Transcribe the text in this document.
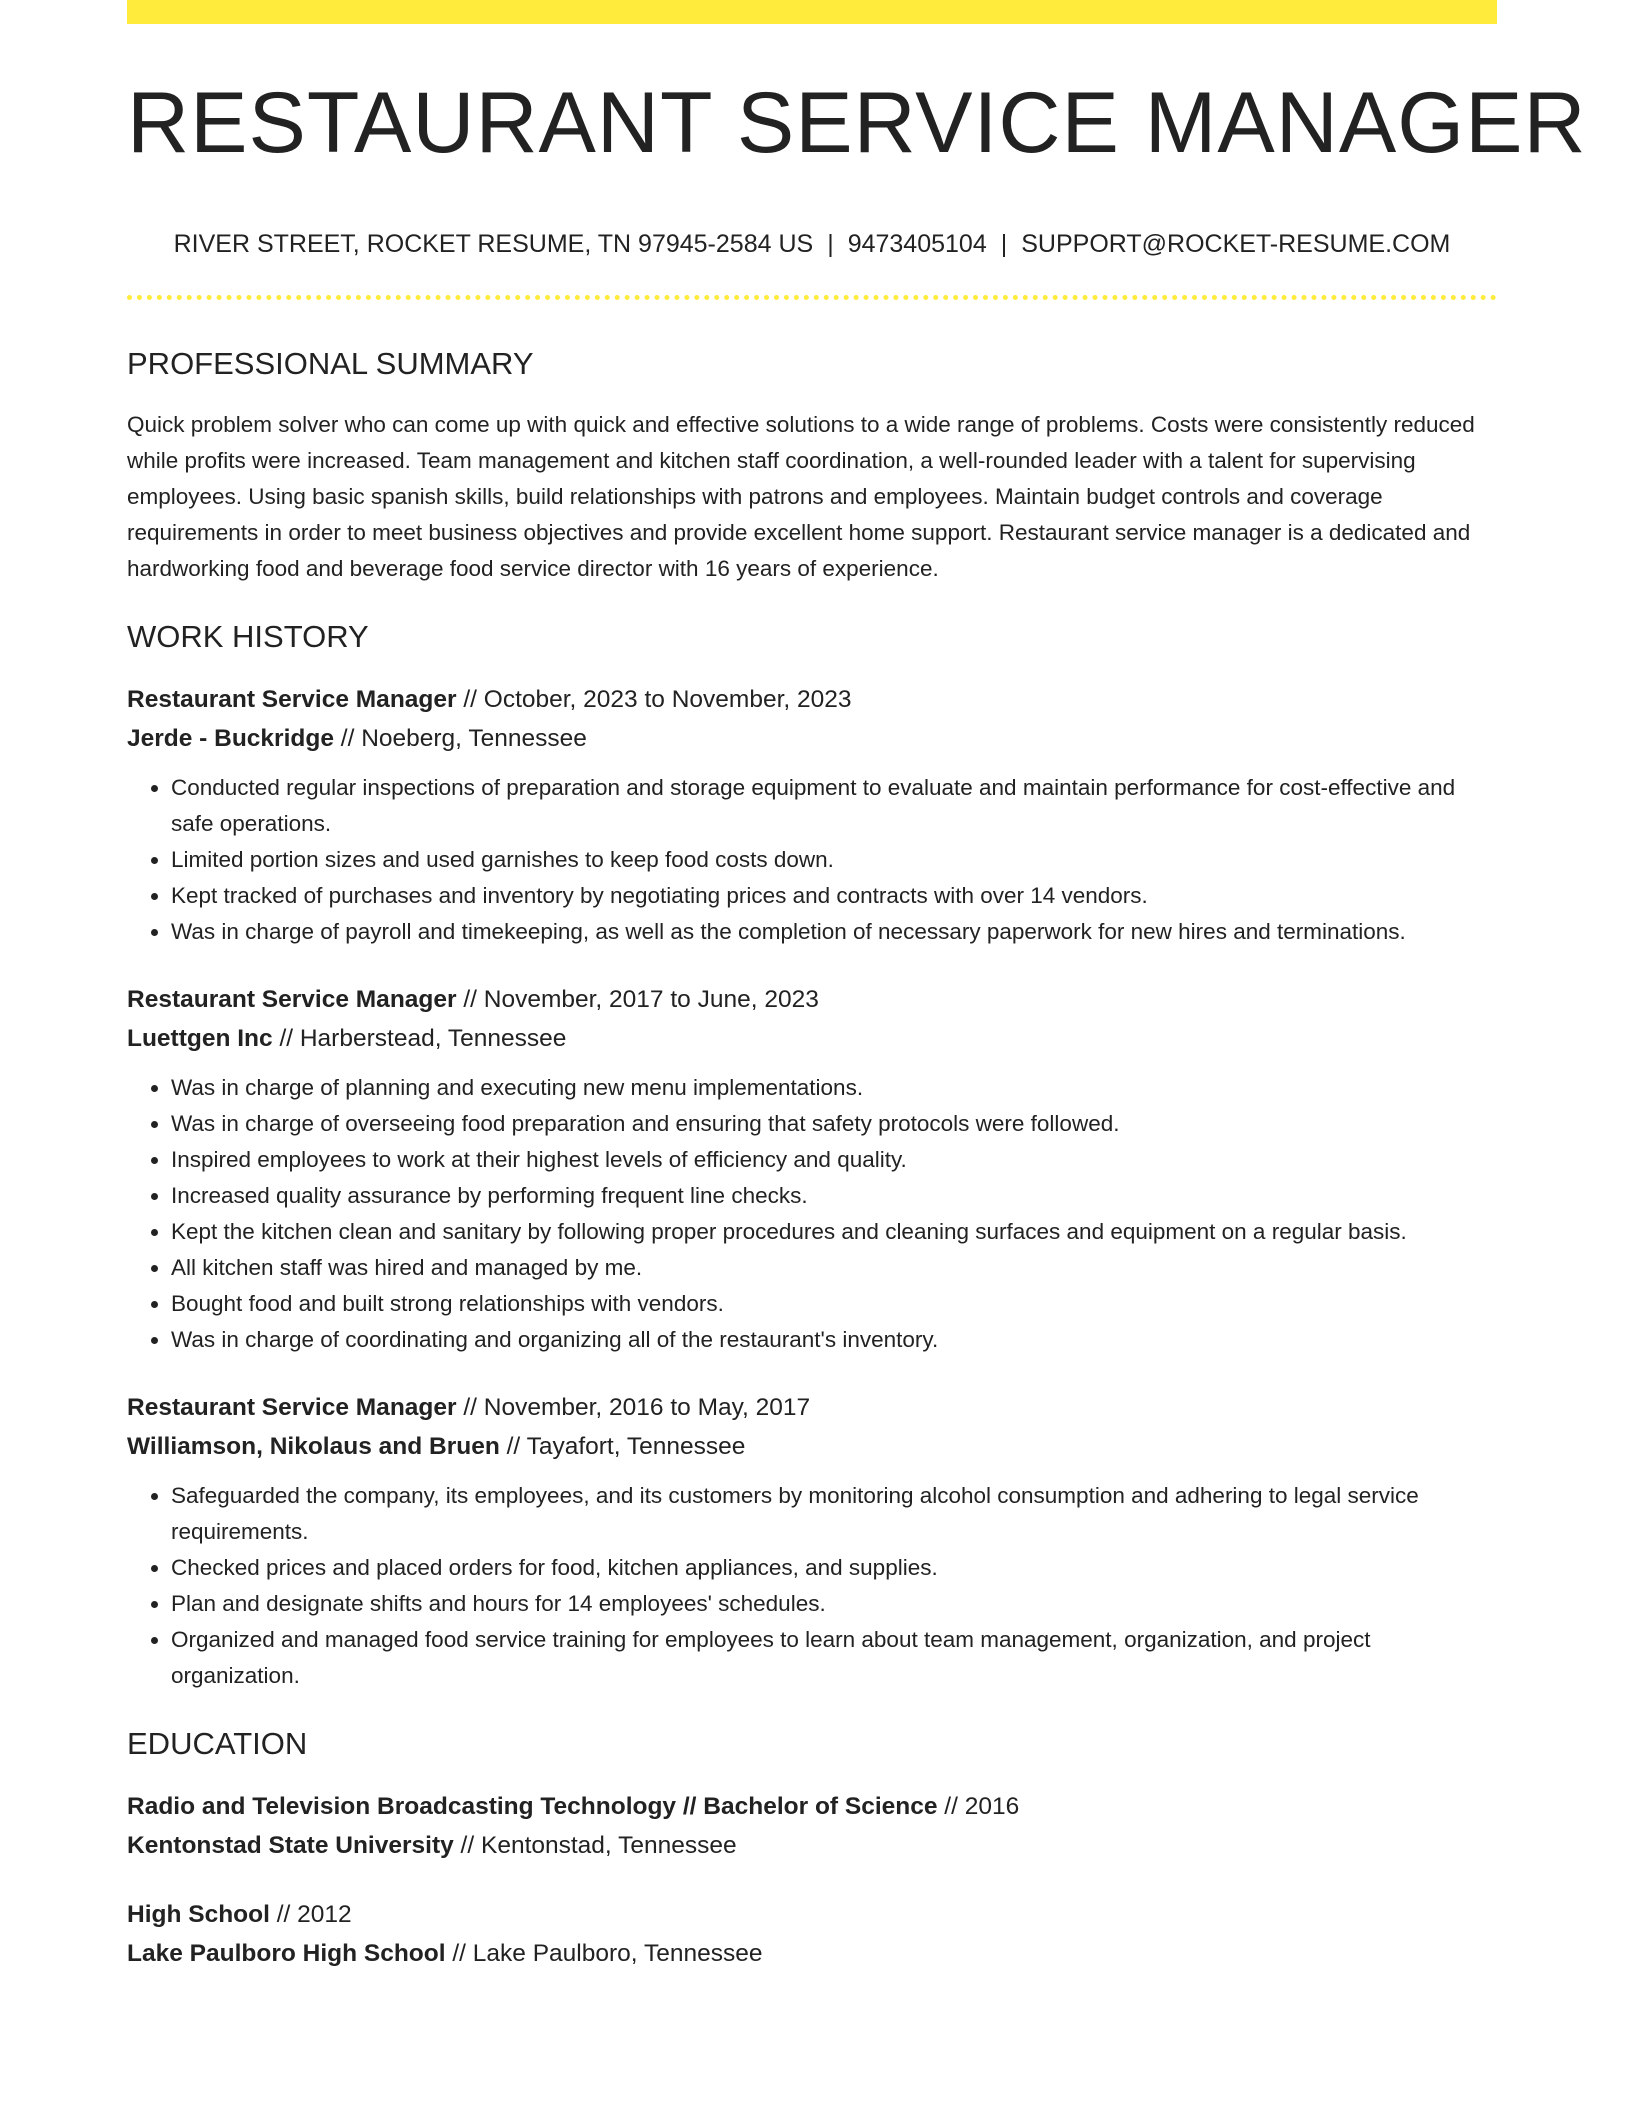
RESTAURANT SERVICE MANAGER
RIVER STREET, ROCKET RESUME, TN 97945-2584 US | 9473405104 | SUPPORT@ROCKET-RESUME.COM
PROFESSIONAL SUMMARY
Quick problem solver who can come up with quick and effective solutions to a wide range of problems. Costs were consistently reduced while profits were increased. Team management and kitchen staff coordination, a well-rounded leader with a talent for supervising employees. Using basic spanish skills, build relationships with patrons and employees. Maintain budget controls and coverage requirements in order to meet business objectives and provide excellent home support. Restaurant service manager is a dedicated and hardworking food and beverage food service director with 16 years of experience.
WORK HISTORY
Restaurant Service Manager // October, 2023 to November, 2023
Jerde - Buckridge // Noeberg, Tennessee
• Conducted regular inspections of preparation and storage equipment to evaluate and maintain performance for cost-effective and safe operations.
• Limited portion sizes and used garnishes to keep food costs down.
• Kept tracked of purchases and inventory by negotiating prices and contracts with over 14 vendors.
• Was in charge of payroll and timekeeping, as well as the completion of necessary paperwork for new hires and terminations.
Restaurant Service Manager // November, 2017 to June, 2023
Luettgen Inc // Harberstead, Tennessee
• Was in charge of planning and executing new menu implementations.
• Was in charge of overseeing food preparation and ensuring that safety protocols were followed.
• Inspired employees to work at their highest levels of efficiency and quality.
• Increased quality assurance by performing frequent line checks.
• Kept the kitchen clean and sanitary by following proper procedures and cleaning surfaces and equipment on a regular basis.
• All kitchen staff was hired and managed by me.
• Bought food and built strong relationships with vendors.
• Was in charge of coordinating and organizing all of the restaurant's inventory.
Restaurant Service Manager // November, 2016 to May, 2017
Williamson, Nikolaus and Bruen // Tayafort, Tennessee
• Safeguarded the company, its employees, and its customers by monitoring alcohol consumption and adhering to legal service requirements.
• Checked prices and placed orders for food, kitchen appliances, and supplies.
• Plan and designate shifts and hours for 14 employees' schedules.
• Organized and managed food service training for employees to learn about team management, organization, and project organization.
EDUCATION
Radio and Television Broadcasting Technology // Bachelor of Science // 2016
Kentonstad State University // Kentonstad, Tennessee
High School // 2012
Lake Paulboro High School // Lake Paulboro, Tennessee
